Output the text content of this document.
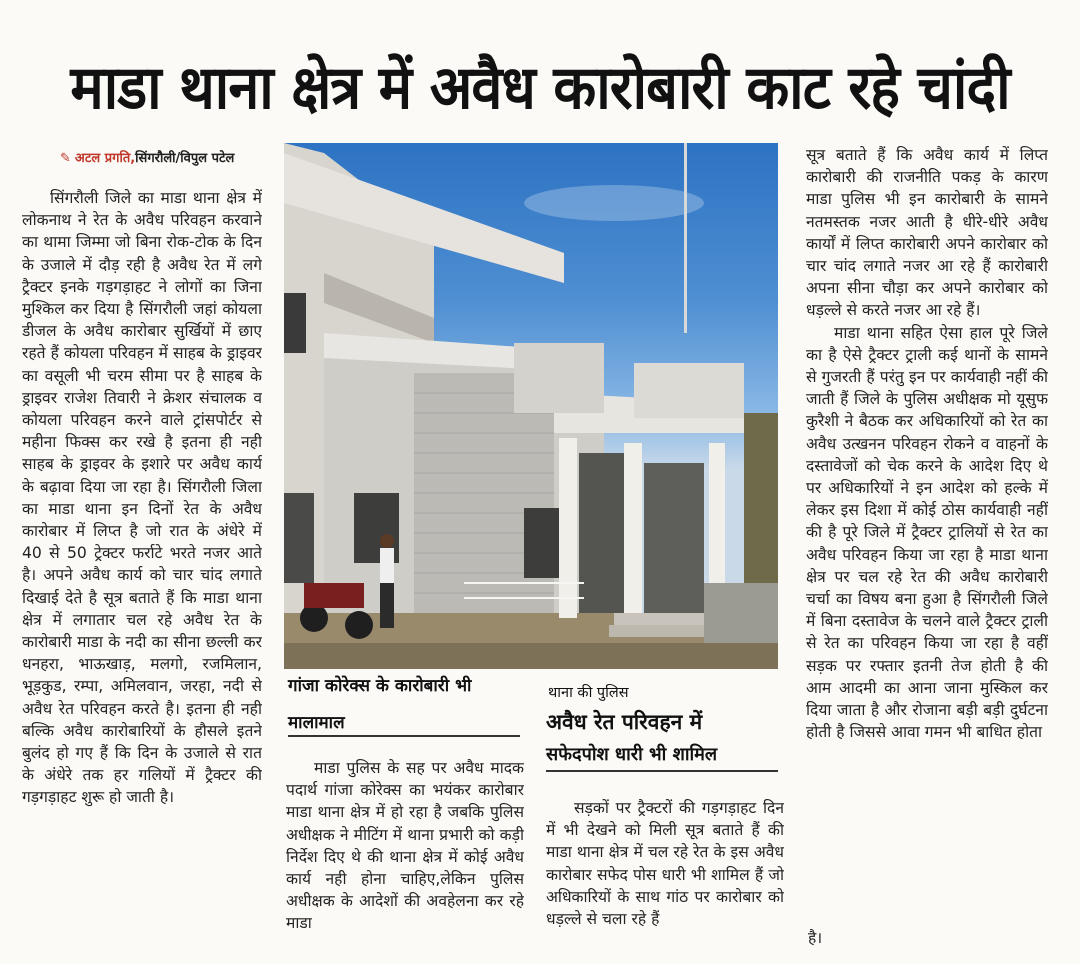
माडा थाना क्षेत्र में अवैध कारोबारी काट रहे चांदी
✎ अटल प्रगति,सिंगरौली/विपुल पटेल

सिंगरौली जिले का माडा थाना क्षेत्र में लोकनाथ ने रेत के अवैध परिवहन करवाने का थामा जिम्मा जो बिना रोक-टोक के दिन के उजाले में दौड़ रही है अवैध रेत में लगे ट्रैक्टर इनके गड़गड़ाहट ने लोगों का जिना मुश्किल कर दिया है सिंगरौली जहां कोयला डीजल के अवैध कारोबार सुर्खियों में छाए रहते हैं कोयला परिवहन में साहब के ड्राइवर का वसूली भी चरम सीमा पर है साहब के ड्राइवर राजेश तिवारी ने क्रेशर संचालक व कोयला परिवहन करने वाले ट्रांसपोर्टर से महीना फिक्स कर रखे है इतना ही नही साहब के ड्राइवर के इशारे पर अवैध कार्य के बढ़ावा दिया जा रहा है। सिंगरौली जिला का माडा थाना इन दिनों रेत के अवैध कारोबार में लिप्त है जो रात के अंधेरे में 40 से 50 ट्रेक्टर फर्राटे भरते नजर आते है। अपने अवैध कार्य को चार चांद लगाते दिखाई देते है सूत्र बताते हैं कि माडा थाना क्षेत्र में लगातार चल रहे अवैध रेत के कारोबारी माडा के नदी का सीना छल्ली कर धनहरा, भाऊखाड़, मलगो, रजमिलान, भूड़कुड, रम्पा, अमिलवान, जरहा, नदी से अवैध रेत परिवहन करते है। इतना ही नही बल्कि अवैध कारोबारियों के हौसले इतने बुलंद हो गए हैं कि दिन के उजाले से रात के अंधेरे तक हर गलियों में ट्रैक्टर की गड़गड़ाहट शुरू हो जाती है।

गांजा कोरेक्स के कारोबारी भी
मालामाल

माडा पुलिस के सह पर अवैध मादक पदार्थ गांजा कोरेक्स का भयंकर कारोबार माडा थाना क्षेत्र में हो रहा है जबकि पुलिस अधीक्षक ने मीटिंग में थाना प्रभारी को कड़ी निर्देश दिए थे की थाना क्षेत्र में कोई अवैध कार्य नही होना चाहिए,लेकिन पुलिस अधीक्षक के आदेशों की अवहेलना कर रहे माडा

थाना की पुलिस
अवैध रेत परिवहन में
सफेदपोश धारी भी शामिल

सड़कों पर ट्रैक्टरों की गड़गड़ाहट दिन में भी देखने को मिली सूत्र बताते हैं की माडा थाना क्षेत्र में चल रहे रेत के इस अवैध कारोबार सफेद पोस धारी भी शामिल हैं जो अधिकारियों के साथ गांठ पर कारोबार को धड़ल्ले से चला रहे हैं

सूत्र बताते हैं कि अवैध कार्य में लिप्त कारोबारी की राजनीति पकड़ के कारण माडा पुलिस भी इन कारोबारी के सामने नतमस्तक नजर आती है धीरे-धीरे अवैध कार्यों में लिप्त कारोबारी अपने कारोबार को चार चांद लगाते नजर आ रहे हैं कारोबारी अपना सीना चौड़ा कर अपने कारोबार को धड़ल्ले से करते नजर आ रहे हैं।

माडा थाना सहित ऐसा हाल पूरे जिले का है ऐसे ट्रैक्टर ट्राली कई थानों के सामने से गुजरती हैं परंतु इन पर कार्यवाही नहीं की जाती हैं जिले के पुलिस अधीक्षक मो यूसुफ कुरैशी ने बैठक कर अधिकारियों को रेत का अवैध उत्खनन परिवहन रोकने व वाहनों के दस्तावेजों को चेक करने के आदेश दिए थे पर अधिकारियों ने इन आदेश को हल्के में लेकर इस दिशा में कोई ठोस कार्यवाही नहीं की है पूरे जिले में ट्रैक्टर ट्रालियों से रेत का अवैध परिवहन किया जा रहा है माडा थाना क्षेत्र पर चल रहे रेत की अवैध कारोबारी चर्चा का विषय बना हुआ है सिंगरौली जिले में बिना दस्तावेज के चलने वाले ट्रैक्टर ट्राली से रेत का परिवहन किया जा रहा है वहीं सड़क पर रफ्तार इतनी तेज होती है की आम आदमी का आना जाना मुस्किल कर दिया जाता है और रोजाना बड़ी बड़ी दुर्घटना होती है जिससे आवा गमन भी बाधित होता

है।
